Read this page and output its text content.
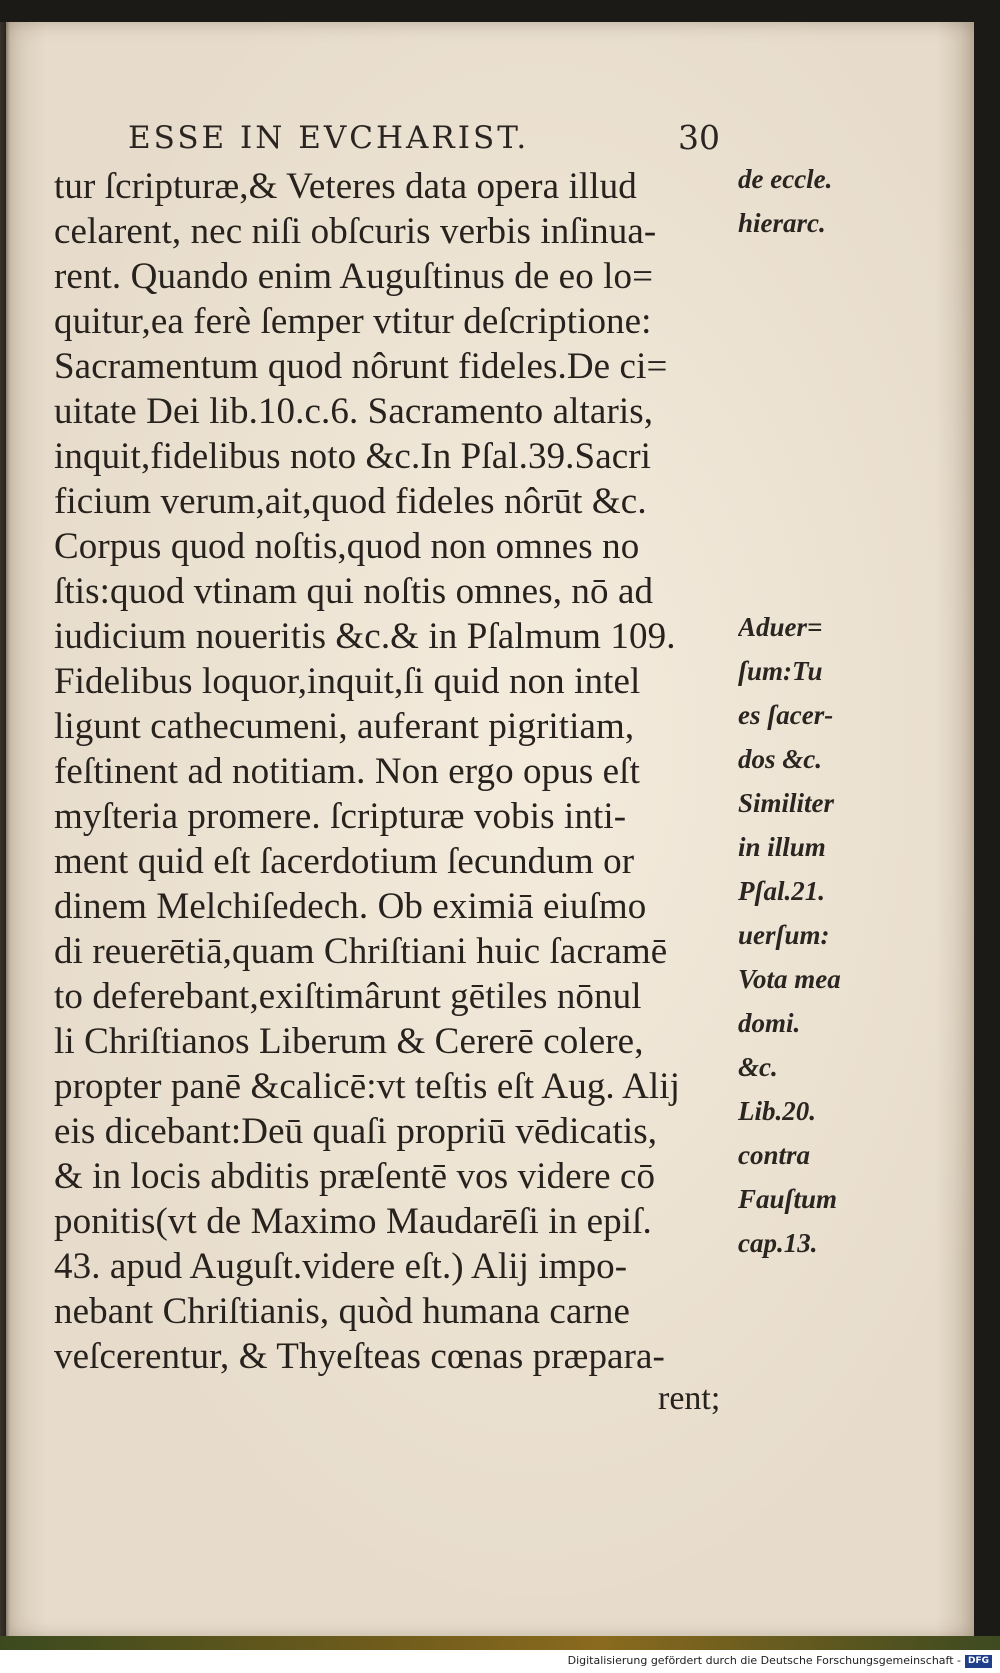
ESSE IN EVCHARIST.	30
tur ſcripturæ,& Veteres data opera illud
celarent, nec niſi obſcuris verbis inſinua-
rent. Quando enim Auguſtinus de eo lo=
quitur,ea ferè ſemper vtitur deſcriptione:
Sacramentum quod nôrunt fideles.De ci=
uitate Dei lib.10.c.6. Sacramento altaris,
inquit,fidelibus noto &c.In Pſal.39.Sacri
ficium verum,ait,quod fideles nôrūt &c.
Corpus quod noſtis,quod non omnes no
ſtis:quod vtinam qui noſtis omnes, nō ad
iudicium noueritis &c.& in Pſalmum 109.
Fidelibus loquor,inquit,ſi quid non intel
ligunt cathecumeni, auferant pigritiam,
feſtinent ad notitiam. Non ergo opus eſt
myſteria promere. ſcripturæ vobis inti-
ment quid eſt ſacerdotium ſecundum or
dinem Melchiſedech. Ob eximiā eiuſmo
di reuerētiā,quam Chriſtiani huic ſacramē
to deferebant,exiſtimârunt gētiles nōnul
li Chriſtianos Liberum & Cererē colere,
propter panē &calicē:vt teſtis eſt Aug. Alij
eis dicebant:Deū quaſi propriū vēdicatis,
& in locis abditis præſentē vos videre cō
ponitis(vt de Maximo Maudarēſi in epiſ.
43. apud Auguſt.videre eſt.) Alij impo-
nebant Chriſtianis, quòd humana carne
veſcerentur, & Thyeſteas cœnas præpara-
rent;
de eccle.
hierarc.
Aduer=
ſum:Tu
es ſacer-
dos &c.
Similiter
in illum
Pſal.21.
uerſum:
Vota mea
domi.
&c.
Lib.20.
contra
Fauſtum
cap.13.
Digitalisierung gefördert durch die Deutsche Forschungsgemeinschaft - DFG
